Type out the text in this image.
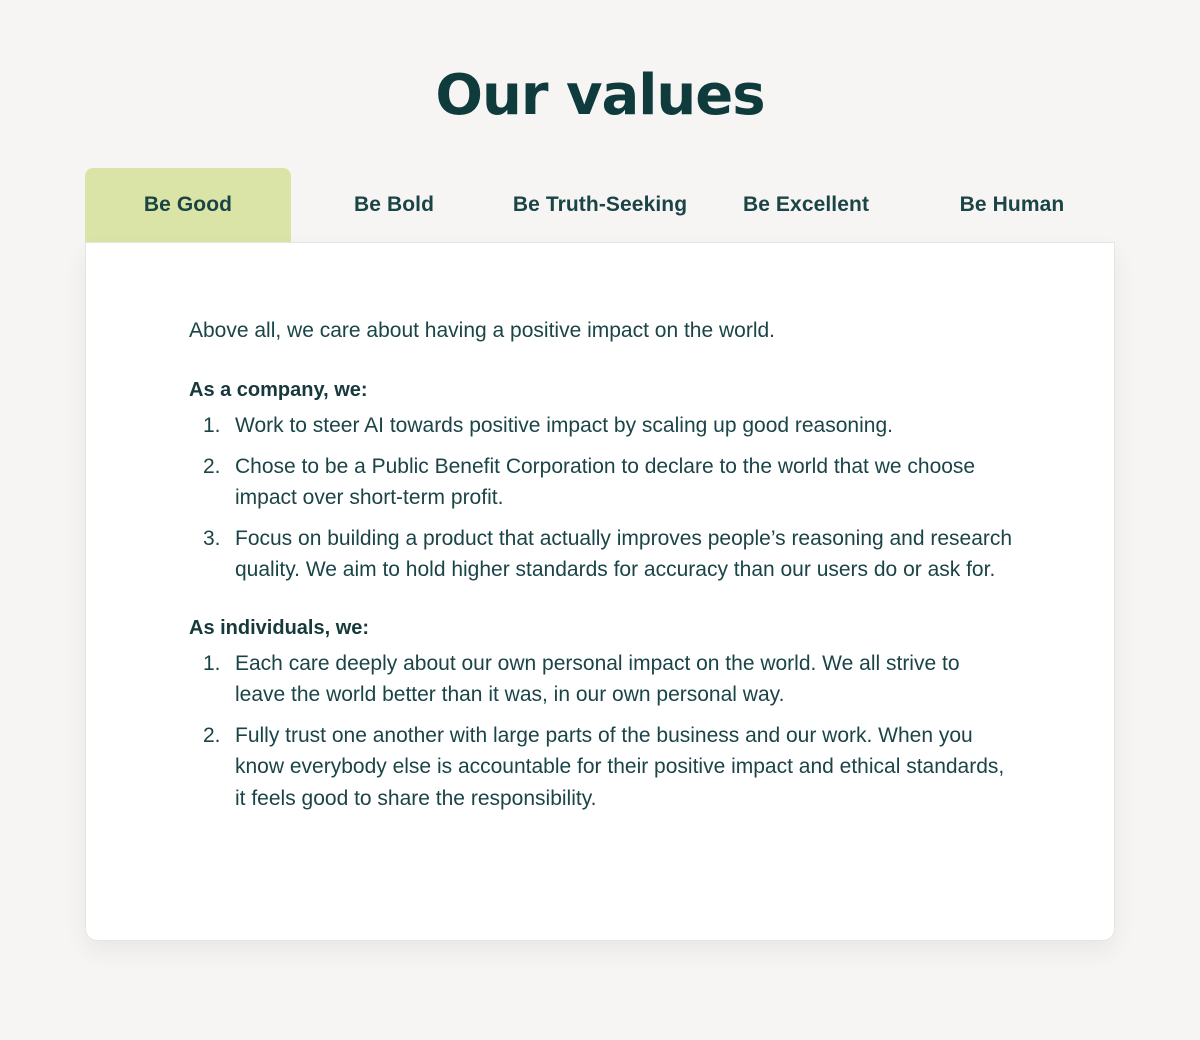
Our values
Be Good	Be Bold	Be Truth-Seeking	Be Excellent	Be Human

Above all, we care about having a positive impact on the world.

As a company, we:
1. Work to steer AI towards positive impact by scaling up good reasoning.
2. Chose to be a Public Benefit Corporation to declare to the world that we choose impact over short-term profit.
3. Focus on building a product that actually improves people’s reasoning and research quality. We aim to hold higher standards for accuracy than our users do or ask for.
As individuals, we:
1. Each care deeply about our own personal impact on the world. We all strive to leave the world better than it was, in our own personal way.
2. Fully trust one another with large parts of the business and our work. When you know everybody else is accountable for their positive impact and ethical standards, it feels good to share the responsibility.
